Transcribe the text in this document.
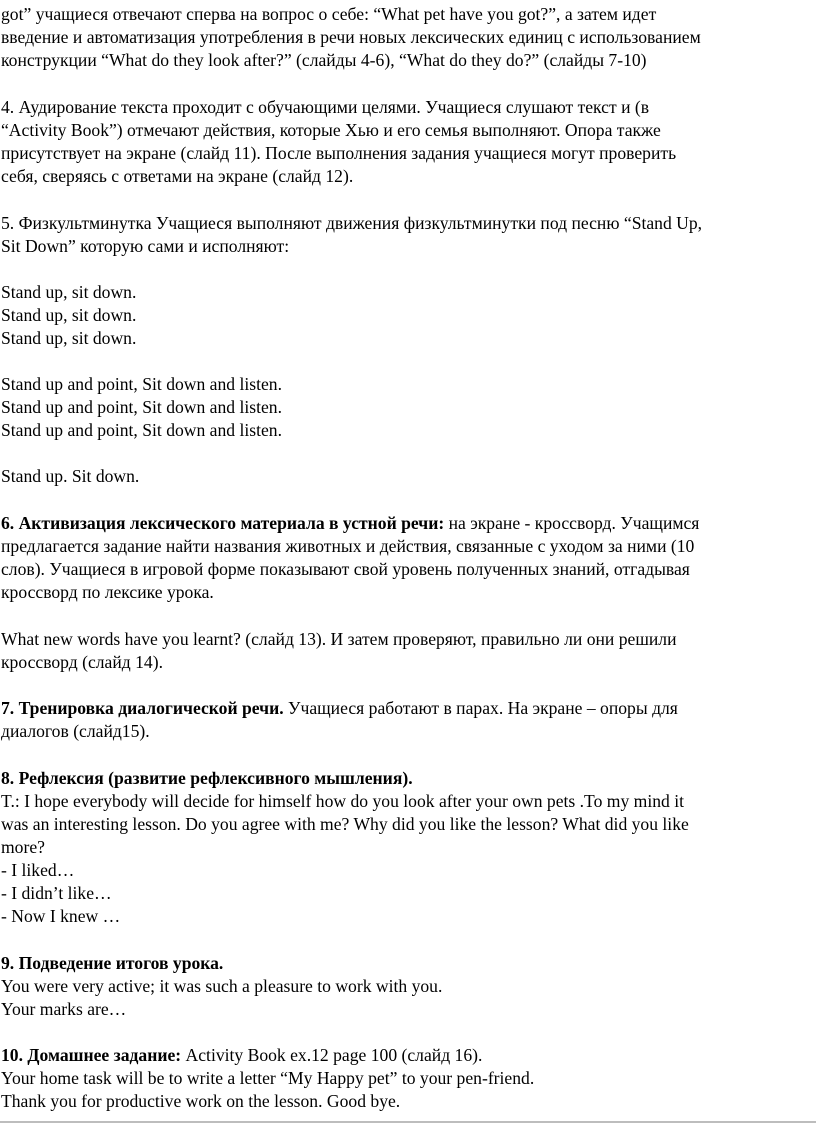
got” учащиеся отвечают сперва на вопрос о себе: “What pet have you got?”, а затем идет
введение и автоматизация употребления в речи новых лексических единиц с использованием
конструкции “What do they look after?” (слайды 4-6), “What do they do?” (слайды 7-10)
4. Аудирование текста проходит с обучающими целями. Учащиеся слушают текст и (в
“Activity Book”) отмечают действия, которые Хью и его семья выполняют. Опора также
присутствует на экране (слайд 11). После выполнения задания учащиеся могут проверить
себя, сверяясь с ответами на экране (слайд 12).
5. Физкультминутка Учащиеся выполняют движения физкультминутки под песню “Stand Up,
Sit Down” которую сами и исполняют:
Stand up, sit down.
Stand up, sit down.
Stand up, sit down.
Stand up and point, Sit down and listen.
Stand up and point, Sit down and listen.
Stand up and point, Sit down and listen.
Stand up. Sit down.
6. Активизация лексического материала в устной речи: на экране - кроссворд. Учащимся
предлагается задание найти названия животных и действия, связанные с уходом за ними (10
слов). Учащиеся в игровой форме показывают свой уровень полученных знаний, отгадывая
кроссворд по лексике урока.
What new words have you learnt? (слайд 13). И затем проверяют, правильно ли они решили
кроссворд (слайд 14).
7. Тренировка диалогической речи. Учащиеся работают в парах. На экране – опоры для
диалогов (слайд15).
8. Рефлексия (развитие рефлексивного мышления).
T.: I hope everybody will decide for himself how do you look after your own pets .To my mind it
was an interesting lesson. Do you agree with me? Why did you like the lesson? What did you like
more?
- I liked…
- I didn’t like…
- Now I knew …
9. Подведение итогов урока.
You were very active; it was such a pleasure to work with you.
Your marks are…
10. Домашнее задание: Activity Book ex.12 page 100 (слайд 16).
Your home task will be to write a letter “My Happy pet” to your pen-friend.
Thank you for productive work on the lesson. Good bye.
